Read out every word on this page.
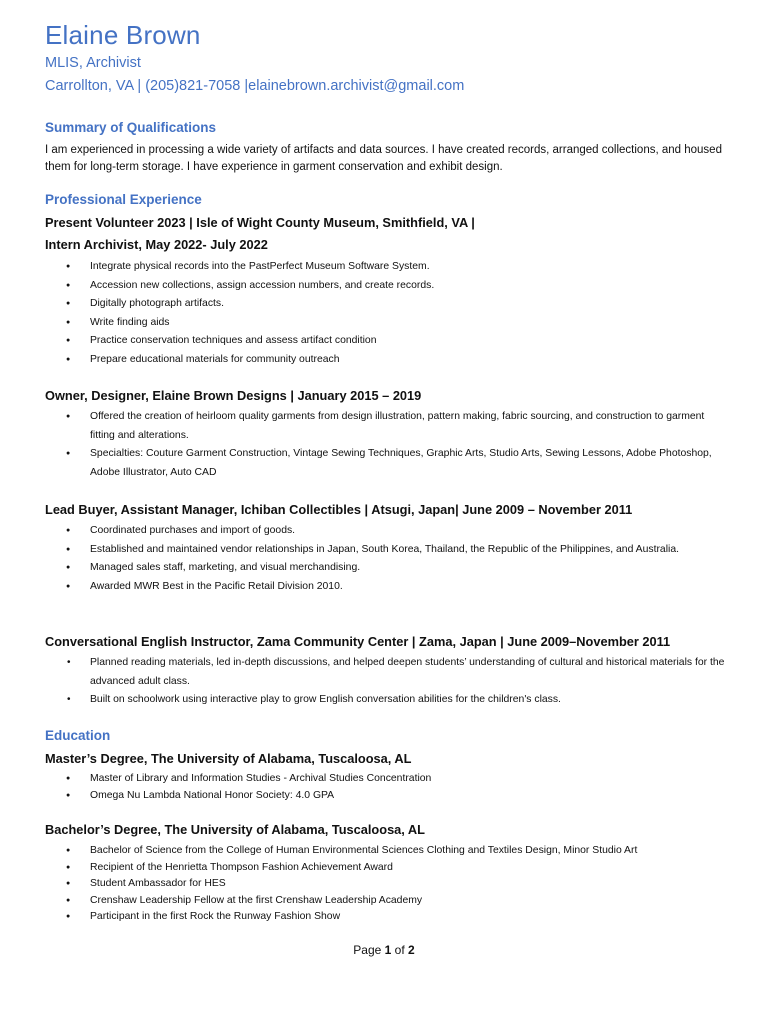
Elaine Brown
MLIS, Archivist
Carrollton, VA | (205)821-7058 |elainebrown.archivist@gmail.com
Summary of Qualifications
I am experienced in processing a wide variety of artifacts and data sources. I have created records, arranged collections, and housed them for long-term storage. I have experience in garment conservation and exhibit design.
Professional Experience
Present Volunteer 2023 | Isle of Wight County Museum, Smithfield, VA |
Intern Archivist, May 2022- July 2022
● Integrate physical records into the PastPerfect Museum Software System.
● Accession new collections, assign accession numbers, and create records.
● Digitally photograph artifacts.
● Write finding aids
● Practice conservation techniques and assess artifact condition
● Prepare educational materials for community outreach
Owner, Designer, Elaine Brown Designs | January 2015 – 2019
● Offered the creation of heirloom quality garments from design illustration, pattern making, fabric sourcing, and construction to garment fitting and alterations.
● Specialties: Couture Garment Construction, Vintage Sewing Techniques, Graphic Arts, Studio Arts, Sewing Lessons, Adobe Photoshop, Adobe Illustrator, Auto CAD
Lead Buyer, Assistant Manager, Ichiban Collectibles | Atsugi, Japan| June 2009 – November 2011
● Coordinated purchases and import of goods.
● Established and maintained vendor relationships in Japan, South Korea, Thailand, the Republic of the Philippines, and Australia.
● Managed sales staff, marketing, and visual merchandising.
● Awarded MWR Best in the Pacific Retail Division 2010.
Conversational English Instructor, Zama Community Center | Zama, Japan | June 2009–November 2011
• Planned reading materials, led in-depth discussions, and helped deepen students’ understanding of cultural and historical materials for the advanced adult class.
• Built on schoolwork using interactive play to grow English conversation abilities for the children's class.
Education
Master’s Degree, The University of Alabama, Tuscaloosa, AL
● Master of Library and Information Studies - Archival Studies Concentration
● Omega Nu Lambda National Honor Society: 4.0 GPA
Bachelor’s Degree, The University of Alabama, Tuscaloosa, AL
● Bachelor of Science from the College of Human Environmental Sciences Clothing and Textiles Design, Minor Studio Art
● Recipient of the Henrietta Thompson Fashion Achievement Award
● Student Ambassador for HES
● Crenshaw Leadership Fellow at the first Crenshaw Leadership Academy
● Participant in the first Rock the Runway Fashion Show
Page 1 of 2
